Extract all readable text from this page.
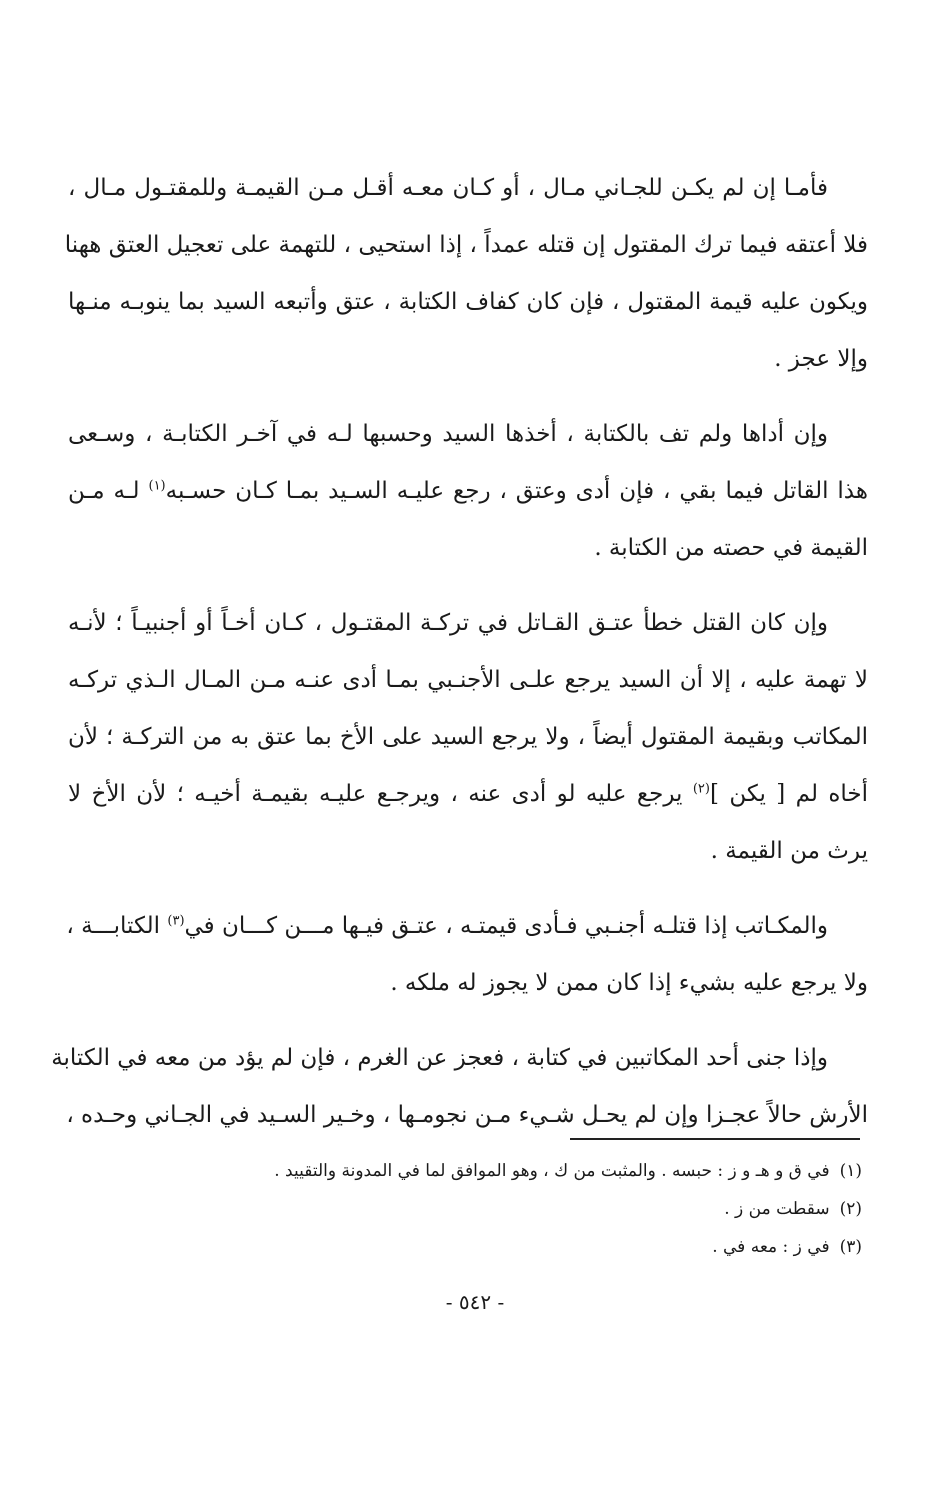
فأمـا إن لم يكـن للجـاني مـال ، أو كـان معـه أقـل مـن القيمـة وللمقتـول مـال ،
فلا أعتقه فيما ترك المقتول إن قتله عمداً ، إذا استحيى ، للتهمة على تعجيل العتق ههنا
ويكون عليه قيمة المقتول ، فإن كان كفاف الكتابة ، عتق وأتبعه السيد بما ينوبـه منـها
وإلا عجز .
وإن أداها ولم تف بالكتابة ، أخذها السيد وحسبها لـه في آخـر الكتابـة ، وسـعى
هذا القاتل فيما بقي ، فإن أدى وعتق ، رجع عليـه السـيد بمـا كـان حسـبه$^{(١)}$ لـه مـن
القيمة في حصته من الكتابة .
وإن كان القتل خطأ عتـق القـاتل في تركـة المقتـول ، كـان أخـاً أو أجنبيـاً ؛ لأنـه
لا تهمة عليه ، إلا أن السيد يرجع علـى الأجنـبي بمـا أدى عنـه مـن المـال الـذي تركـه
المكاتب وبقيمة المقتول أيضاً ، ولا يرجع السيد على الأخ بما عتق به من التركـة ؛ لأن
أخاه لم [ يكن ]$^{(٢)}$ يرجع عليه لو أدى عنه ، ويرجـع عليـه بقيمـة أخيـه ؛ لأن الأخ لا
يرث من القيمة .
والمكـاتب إذا قتلـه أجنـبي فـأدى قيمتـه ، عتـق فيـها مـــن كـــان في$^{(٣)}$ الكتابـــة ،
ولا يرجع عليه بشيء إذا كان ممن لا يجوز له ملكه .
وإذا جنى أحد المكاتبين في كتابة ، فعجز عن الغرم ، فإن لم يؤد من معه في الكتابة
الأرش حالاً عجـزا وإن لم يحـل شـيء مـن نجومـها ، وخـير السـيد في الجـاني وحـده ،
(١)في ق و هـ و ز : حبسه . والمثبت من ك ، وهو الموافق لما في المدونة والتقييد .
(٢)سقطت من ز .
(٣)في ز : معه في .
- ٥٤٢ -
